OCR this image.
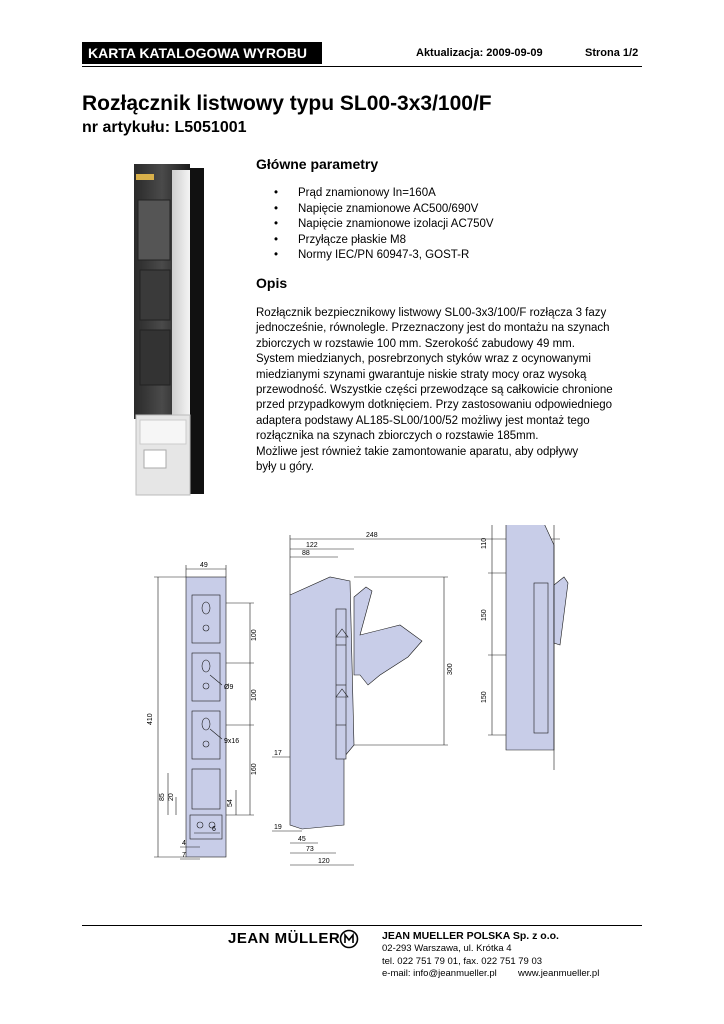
KARTA KATALOGOWA WYROBU	Aktualizacja: 2009-09-09	Strona 1/2
Rozłącznik listwowy typu SL00-3x3/100/F
nr artykułu: L5051001
Główne parametry
• Prąd znamionowy In=160A
• Napięcie znamionowe AC500/690V
• Napięcie znamionowe izolacji AC750V
• Przyłącze płaskie M8
• Normy IEC/PN 60947-3, GOST-R
Opis

Rozłącznik bezpiecznikowy listwowy SL00-3x3/100/F rozłącza 3 fazy

jednocześnie, równolegle. Przeznaczony jest do montażu na szynach

zbiorczych w rozstawie 100 mm. Szerokość zabudowy 49 mm.

System miedzianych, posrebrzonych styków wraz z ocynowanymi

miedzianymi szynami gwarantuje niskie straty mocy oraz wysoką

przewodność. Wszystkie części przewodzące są całkowicie chronione

przed przypadkowym dotknięciem. Przy zastosowaniu odpowiedniego

adaptera podstawy AL185-SL00/100/52 możliwy jest montaż tego

rozłącznika na szynach zbiorczych o rozstawie 185mm.

Możliwe jest również takie zamontowanie aparatu, aby odpływy

były u góry.

49
410
100
100
160
85 20
54
Ø9
9x16
6
4
7
248
122
88
300
17
19
45
73
120
110
150
150
JEAN MÜLLER	JEAN MUELLER POLSKA Sp. z o.o.
02-293 Warszawa, ul. Krótka 4
tel. 022 751 79 01, fax. 022 751 79 03
e-mail: info@jeanmueller.pl www.jeanmueller.pl
